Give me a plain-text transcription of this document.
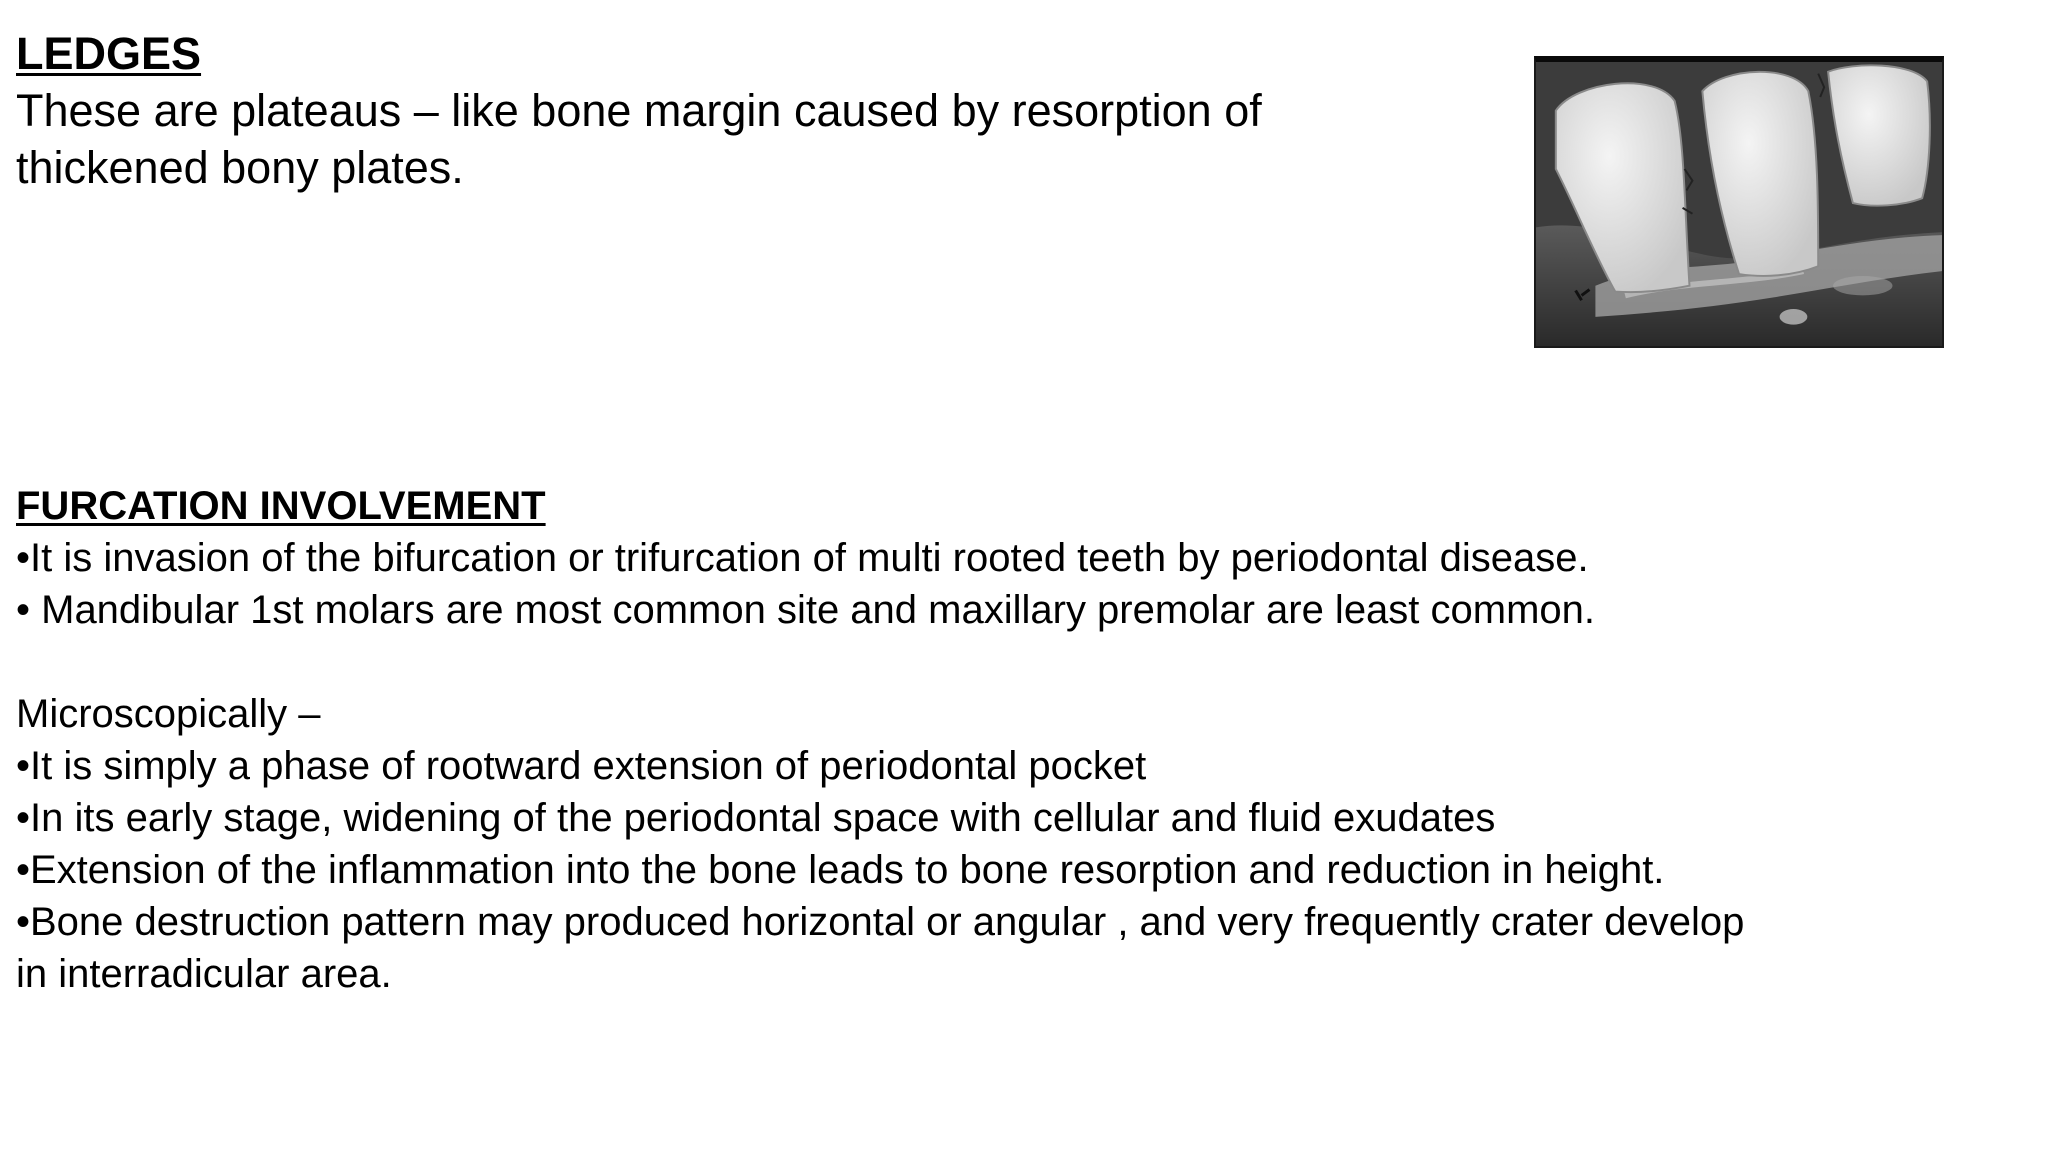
LEDGES
These are plateaus – like bone margin caused by resorption of
thickened bony plates.
FURCATION INVOLVEMENT
•It is invasion of the bifurcation or trifurcation of multi rooted teeth by periodontal disease.
• Mandibular 1st molars are most common site and maxillary premolar are least common.
Microscopically –
•It is simply a phase of rootward extension of periodontal pocket
•In its early stage, widening of the periodontal space with cellular and fluid exudates
•Extension of the inflammation into the bone leads to bone resorption and reduction in height.
•Bone destruction pattern may produced horizontal or angular , and very frequently crater develop
in interradicular area.
